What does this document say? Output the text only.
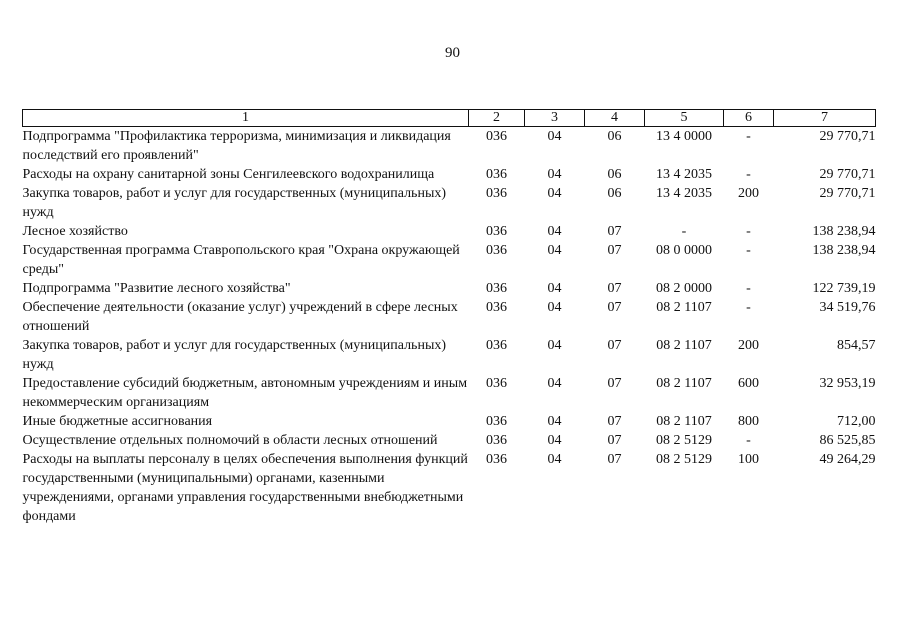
90
1	2	3	4	5	6	7
Подпрограмма "Профилактика терроризма, минимизация и ликвидация последствий его проявлений"	036	04	06	13 4 0000	-	29 770,71
Расходы на охрану санитарной зоны Сенгилеевского водохранилища	036	04	06	13 4 2035	-	29 770,71
Закупка товаров, работ и услуг для государственных (муниципальных) нужд	036	04	06	13 4 2035	200	29 770,71
Лесное хозяйство	036	04	07	-	-	138 238,94
Государственная программа Ставропольского края "Охрана окружающей среды"	036	04	07	08 0 0000	-	138 238,94
Подпрограмма "Развитие лесного хозяйства"	036	04	07	08 2 0000	-	122 739,19
Обеспечение деятельности (оказание услуг) учреждений в сфере лесных отношений	036	04	07	08 2 1107	-	34 519,76
Закупка товаров, работ и услуг для государственных (муниципальных) нужд	036	04	07	08 2 1107	200	854,57
Предоставление субсидий бюджетным, автономным учреждениям и иным некоммерческим организациям	036	04	07	08 2 1107	600	32 953,19
Иные бюджетные ассигнования	036	04	07	08 2 1107	800	712,00
Осуществление отдельных полномочий в области лесных отношений	036	04	07	08 2 5129	-	86 525,85
Расходы на выплаты персоналу в целях обеспечения выполнения функций государственными (муниципальными) органами, казенными учреждениями, органами управления государственными внебюджетными фондами	036	04	07	08 2 5129	100	49 264,29
